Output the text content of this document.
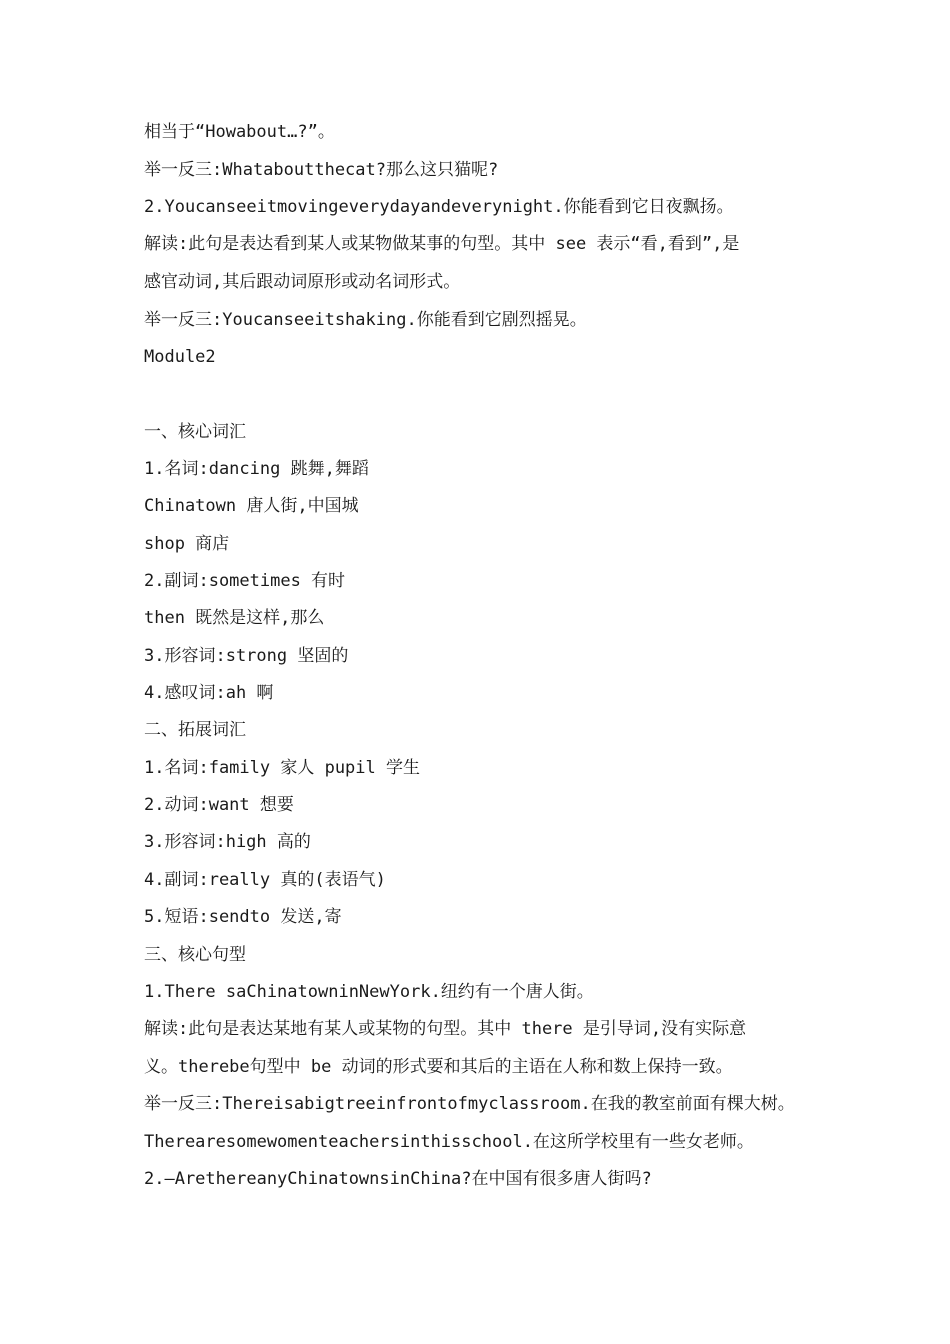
相当于“Howabout…?”。
举一反三:Whataboutthecat?那么这只猫呢?
2.Youcanseeitmovingeverydayandeverynight.你能看到它日夜飘扬。
解读:此句是表达看到某人或某物做某事的句型。其中 see 表示“看,看到”,是
感官动词,其后跟动词原形或动名词形式。
举一反三:Youcanseeitshaking.你能看到它剧烈摇晃。
Module2
一、核心词汇
1.名词:dancing 跳舞,舞蹈
Chinatown 唐人街,中国城
shop 商店
2.副词:sometimes 有时
then 既然是这样,那么
3.形容词:strong 坚固的
4.感叹词:ah 啊
二、拓展词汇
1.名词:family 家人 pupil 学生
2.动词:want 想要
3.形容词:high 高的
4.副词:really 真的(表语气)
5.短语:sendto 发送,寄
三、核心句型
1.There saChinatowninNewYork.纽约有一个唐人街。
解读:此句是表达某地有某人或某物的句型。其中 there 是引导词,没有实际意
义。therebe句型中 be 动词的形式要和其后的主语在人称和数上保持一致。
举一反三:Thereisabigtreeinfrontofmyclassroom.在我的教室前面有棵大树。
Therearesomewomenteachersinthisschool.在这所学校里有一些女老师。
2.—ArethereanyChinatownsinChina?在中国有很多唐人街吗?
